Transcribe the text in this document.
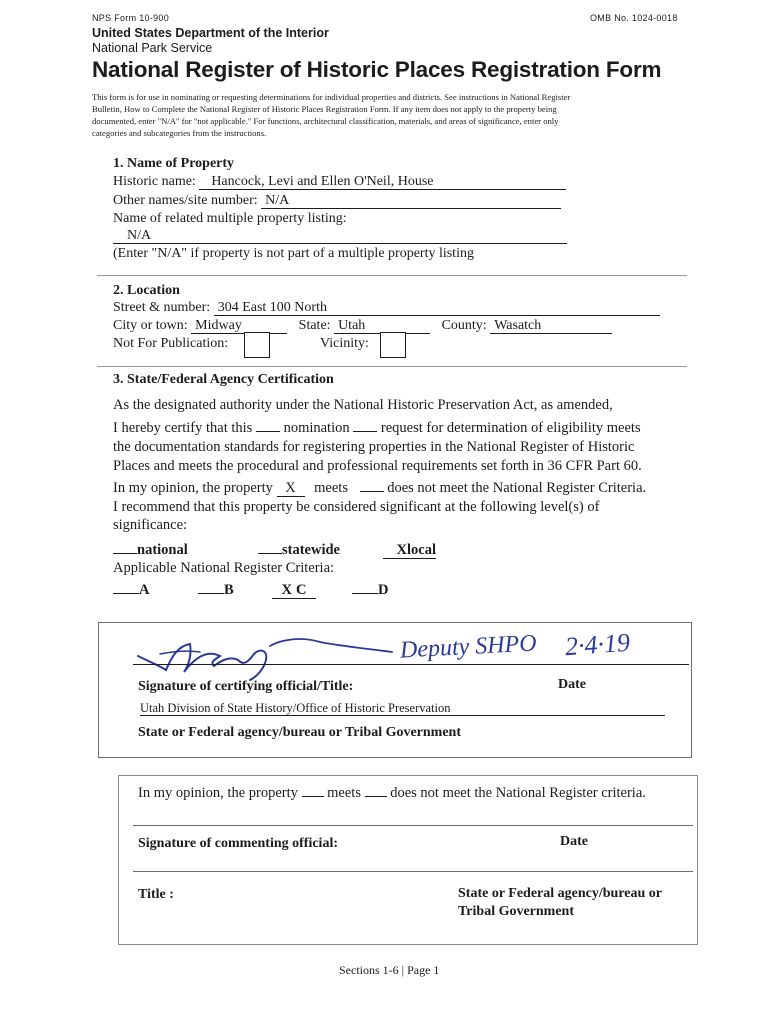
NPS Form 10-900	OMB No. 1024-0018
United States Department of the Interior
National Park Service
National Register of Historic Places Registration Form
This form is for use in nominating or requesting determinations for individual properties and districts. See instructions in National Register
Bulletin, How to Complete the National Register of Historic Places Registration Form. If any item does not apply to the property being
documented, enter "N/A" for "not applicable." For functions, architectural classification, materials, and areas of significance, enter only
categories and subcategories from the instructions.
1. Name of Property
Historic name: Hancock, Levi and Ellen O'Neil, House
Other names/site number: N/A
Name of related multiple property listing:
N/A
(Enter "N/A" if property is not part of a multiple property listing
2. Location
Street & number: 304 East 100 North
City or town: Midway	State: Utah	County: Wasatch
Not For Publication:	Vicinity:
3. State/Federal Agency Certification
As the designated authority under the National Historic Preservation Act, as amended,
I hereby certify that this nomination request for determination of eligibility meets
the documentation standards for registering properties in the National Register of Historic
Places and meets the procedural and professional requirements set forth in 36 CFR Part 60.
In my opinion, the property X meets	does not meet the National Register Criteria.
I recommend that this property be considered significant at the following level(s) of
significance:
national	statewide	Xlocal
Applicable National Register Criteria:
A	B	X C	D
Deputy SHPO 2·4·19
Signature of certifying official/Title:	Date
Utah Division of State History/Office of Historic Preservation
State or Federal agency/bureau or Tribal Government
In my opinion, the property meets does not meet the National Register criteria.
Signature of commenting official:	Date
Title :	State or Federal agency/bureau or
Tribal Government
Sections 1-6 | Page 1
